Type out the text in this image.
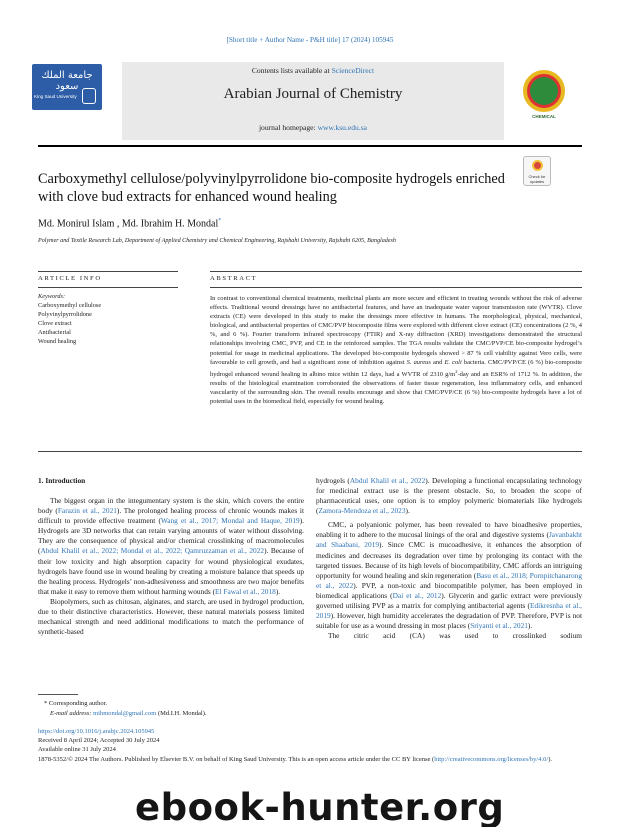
[Short title + Author Name - P&H title] 17 (2024) 105945
جامعة الملك سعود
King Saud University
Contents lists available at ScienceDirect
Arabian Journal of Chemistry
journal homepage: www.ksu.edu.sa
CHEMICAL
Carboxymethyl cellulose/polyvinylpyrrolidone bio-composite hydrogels enriched with clove bud extracts for enhanced wound healing
Check for updates
Md. Monirul Islam , Md. Ibrahim H. Mondal*
Polymer and Textile Research Lab, Department of Applied Chemistry and Chemical Engineering, Rajshahi University, Rajshahi 6205, Bangladesh
ARTICLE INFO	ABSTRACT
Keywords:
Carboxymethyl cellulose
Polyvinylpyrrolidone
Clove extract
Antibacterial
Wound healing
In contrast to conventional chemical treatments, medicinal plants are more secure and efficient in treating wounds without the risk of adverse effects. Traditional wound dressings have no antibacterial features, and have an inadequate water vapour transmission rate (WVTR). Clove extracts (CE) were developed in this study to make the dressings more effective in humans. The morphological, physical, mechanical, biological, and antibacterial properties of CMC/PVP biocomposite films were explored with different clove extract (CE) concentrations (2 %, 4 %, and 6 %). Fourier transform infrared spectroscopy (FTIR) and X-ray diffraction (XRD) investigations demonstrated the structural relationships involving CMC, PVP, and CE in the reinforced samples. The TGA results validate the CMC/PVP/CE bio-composite hydrogel’s potential for usage in medicinal applications. The developed bio-composite hydrogels showed > 87 % cell viability against Vero cells, were favourable to cell growth, and had a significant zone of inhibition against S. aureus and E. coli bacteria. CMC/PVP/CE (6 %) bio-composite hydrogel enhanced wound healing in albino mice within 12 days, had a WVTR of 2310 $g/m^2$-day and an ESR% of 1712 %. In addition, the results of the histological examination corroborated the observations of faster tissue regeneration, less inflammatory cells, and enhanced vascularity of the surrounding skin. The overall results encourage and show that CMC/PVP/CE (6 %) bio-composite hydrogels have a lot of potential uses in the biomedical field, especially for wound healing.
1. Introduction

The biggest organ in the integumentary system is the skin, which covers the entire body (Farazin et al., 2021). The prolonged healing process of chronic wounds makes it difficult to provide effective treatment (Wang et al., 2017; Mondal and Haque, 2019). Hydrogels are 3D networks that can retain varying amounts of water without dissolving. They are the consequence of physical and/or chemical crosslinking of macromolecules (Abdul Khalil et al., 2022; Mondal et al., 2022; Qamruzzaman et al., 2022). Because of their low toxicity and high absorption capacity for wound physiological exudates, hydrogels have found use in wound healing by creating a moisture balance that speeds up the healing process. Hydrogels’ non-adhesiveness and smoothness are two major benefits that make it easy to remove them without harming wounds (El Fawal et al., 2018).

Biopolymers, such as chitosan, alginates, and starch, are used in hydrogel production, due to their distinctive characteristics. However, these natural materials possess limited mechanical strength and need additional modifications to match the performance of synthetic-based

hydrogels (Abdul Khalil et al., 2022). Developing a functional encapsulating technology for medicinal extract use is the present obstacle. So, to broaden the scope of pharmaceutical uses, one option is to employ polymeric biomaterials like hydrogels (Zamora-Mendoza et al., 2023).

CMC, a polyanionic polymer, has been revealed to have bioadhesive properties, enabling it to adhere to the mucosal linings of the oral and digestive systems (Javanbakht and Shaabani, 2019). Since CMC is mucoadhesive, it enhances the absorption of medicines and decreases its degradation over time by prolonging its contact with the targeted tissues. Because of its high levels of biocompatibility, CMC affords an intriguing opportunity for wound healing and skin regeneration (Basu et al., 2018; Pornpitchanarong et al., 2022). PVP, a non-toxic and biocompatible polymer, has been employed in biomedical applications (Dai et al., 2012). Glycerin and garlic extract were previously governed utilising PVP as a matrix for complying antibacterial agents (Edikresnha et al., 2019). However, high humidity accelerates the degradation of PVP. Therefore, PVP is not suitable for use as a wound dressing in most places (Sriyanti et al., 2021).

The citric acid (CA) was used to crosslinked sodium

* Corresponding author.
E-mail address: mihmondal@gmail.com (Md.I.H. Mondal).
https://doi.org/10.1016/j.arabjc.2024.105945
Received 8 April 2024; Accepted 30 July 2024
Available online 31 July 2024
1878-5352/© 2024 The Authors. Published by Elsevier B.V. on behalf of King Saud University. This is an open access article under the CC BY license (http://creativecommons.org/licenses/by/4.0/).
ebook-hunter.org
